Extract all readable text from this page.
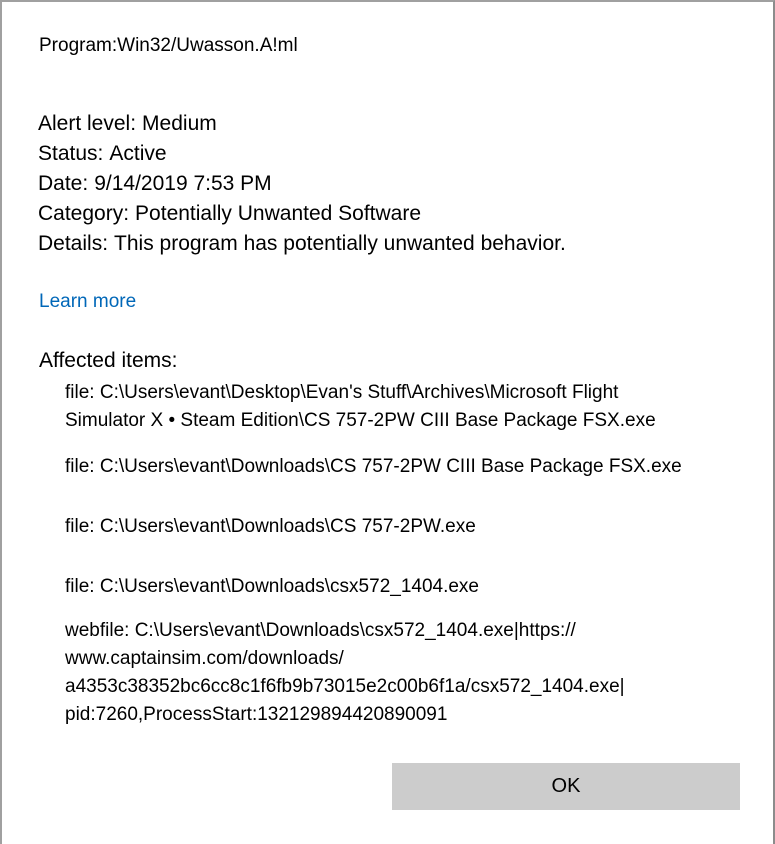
Program:Win32/Uwasson.A!ml
Alert level: Medium
Status: Active
Date: 9/14/2019 7:53 PM
Category: Potentially Unwanted Software
Details: This program has potentially unwanted behavior.
Learn more
Affected items:
file: C:\Users\evant\Desktop\Evan's Stuff\Archives\Microsoft Flight
Simulator X • Steam Edition\CS 757-2PW CIII Base Package FSX.exe
file: C:\Users\evant\Downloads\CS 757-2PW CIII Base Package FSX.exe
file: C:\Users\evant\Downloads\CS 757-2PW.exe
file: C:\Users\evant\Downloads\csx572_1404.exe
webfile: C:\Users\evant\Downloads\csx572_1404.exe|https://
www.captainsim.com/downloads/
a4353c38352bc6cc8c1f6fb9b73015e2c00b6f1a/csx572_1404.exe|
pid:7260,ProcessStart:132129894420890091
OK
